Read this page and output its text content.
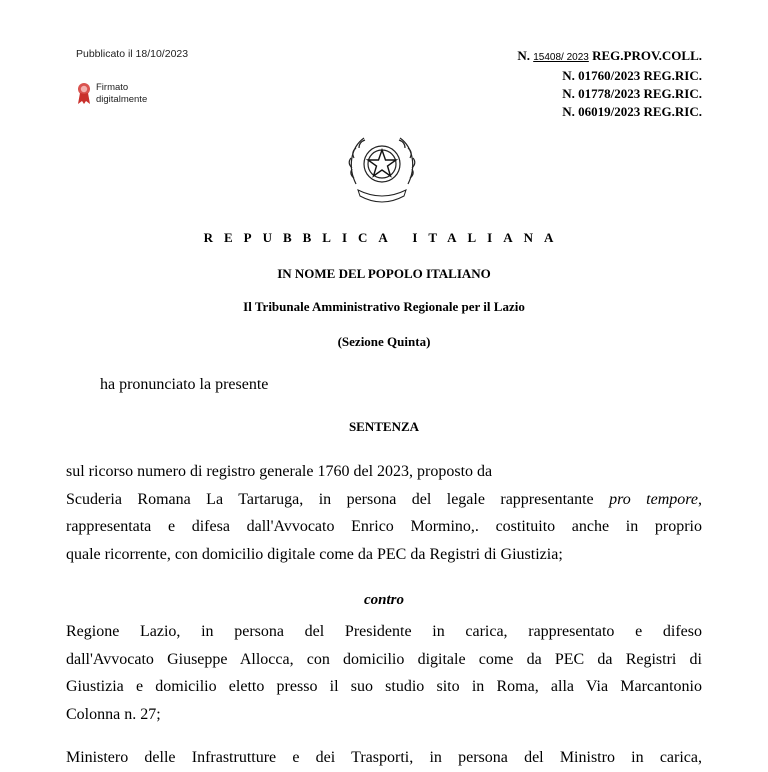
Pubblicato il 18/10/2023
Firmato
digitalmente
N. 15408/ 2023 REG.PROV.COLL.
N. 01760/2023 REG.RIC.
N. 01778/2023 REG.RIC.
N. 06019/2023 REG.RIC.
REPUBBLICA ITALIANA
IN NOME DEL POPOLO ITALIANO
Il Tribunale Amministrativo Regionale per il Lazio
(Sezione Quinta)
ha pronunciato la presente
SENTENZA
sul ricorso numero di registro generale 1760 del 2023, proposto da
Scuderia Romana La Tartaruga, in persona del legale rappresentante pro tempore,
rappresentata e difesa dall'Avvocato Enrico Mormino,. costituito anche in proprio
quale ricorrente, con domicilio digitale come da PEC da Registri di Giustizia;
contro
Regione Lazio, in persona del Presidente in carica, rappresentato e difeso
dall'Avvocato Giuseppe Allocca, con domicilio digitale come da PEC da Registri di
Giustizia e domicilio eletto presso il suo studio sito in Roma, alla Via Marcantonio
Colonna n. 27;
Ministero delle Infrastrutture e dei Trasporti, in persona del Ministro in carica,
